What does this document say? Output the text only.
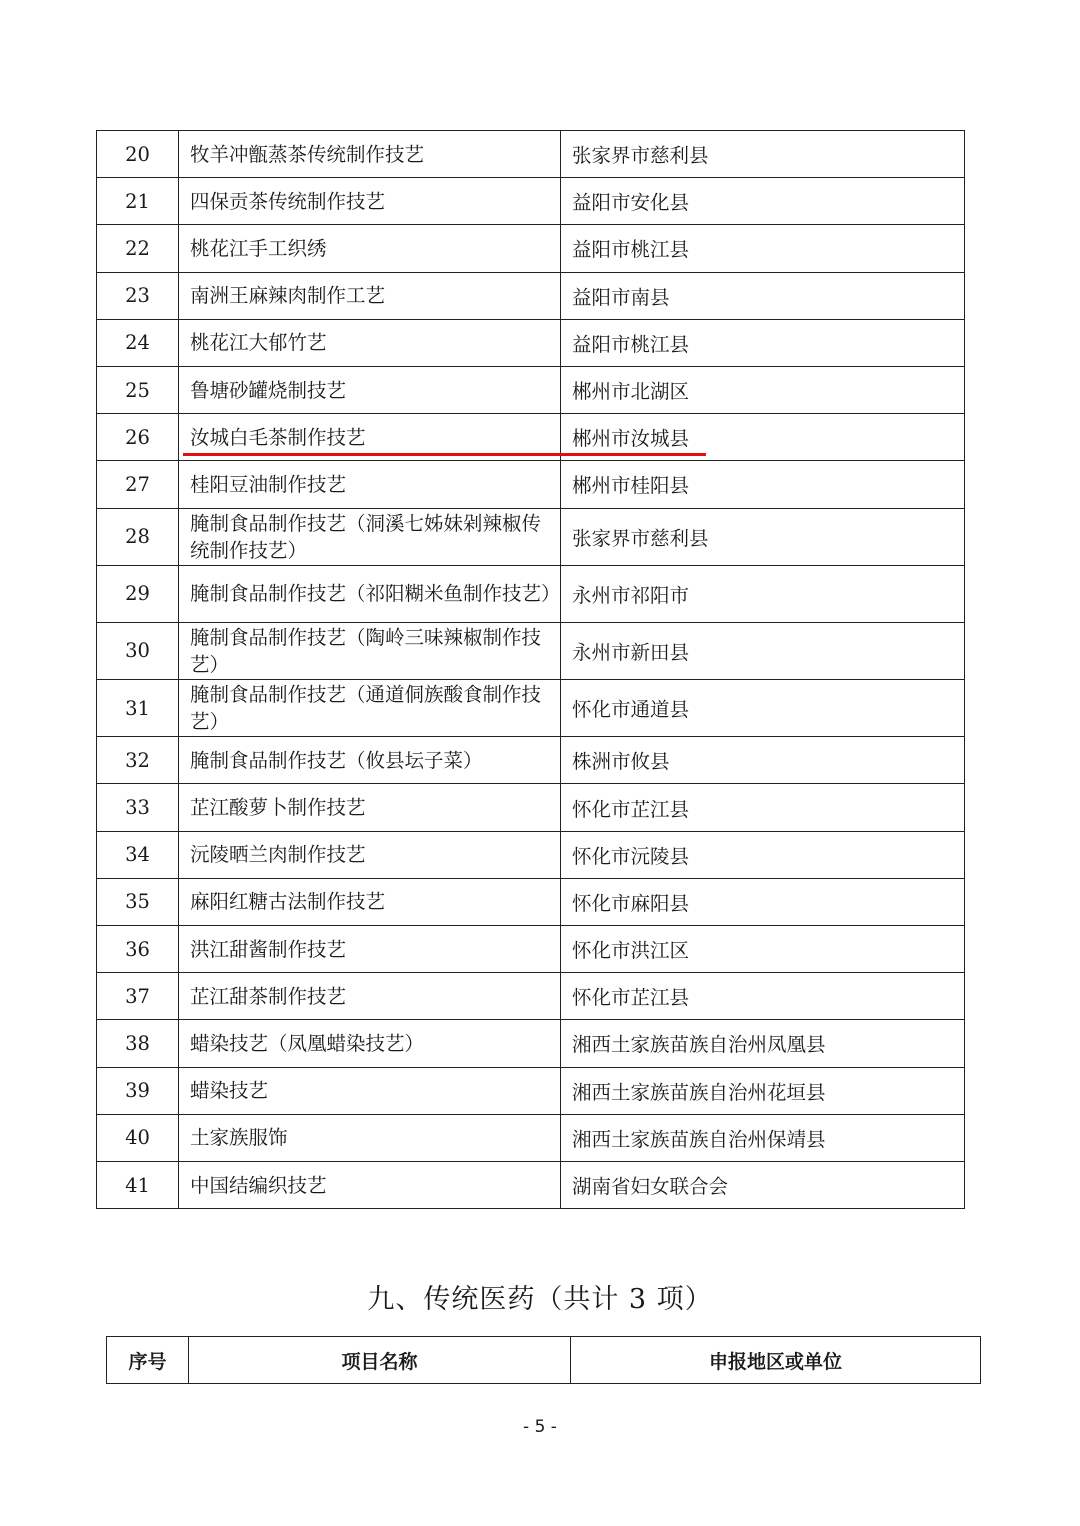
20	牧羊冲甑蒸茶传统制作技艺	张家界市慈利县
21	四保贡茶传统制作技艺	益阳市安化县
22	桃花江手工织绣	益阳市桃江县
23	南洲王麻辣肉制作工艺	益阳市南县
24	桃花江大郁竹艺	益阳市桃江县
25	鲁塘砂罐烧制技艺	郴州市北湖区
26	汝城白毛茶制作技艺	郴州市汝城县
27	桂阳豆油制作技艺	郴州市桂阳县
28	腌制食品制作技艺（洞溪七姊妹剁辣椒传统制作技艺）	张家界市慈利县
29	腌制食品制作技艺（祁阳糊米鱼制作技艺）	永州市祁阳市
30	腌制食品制作技艺（陶岭三味辣椒制作技艺）	永州市新田县
31	腌制食品制作技艺（通道侗族酸食制作技艺）	怀化市通道县
32	腌制食品制作技艺（攸县坛子菜）	株洲市攸县
33	芷江酸萝卜制作技艺	怀化市芷江县
34	沅陵晒兰肉制作技艺	怀化市沅陵县
35	麻阳红糖古法制作技艺	怀化市麻阳县
36	洪江甜酱制作技艺	怀化市洪江区
37	芷江甜茶制作技艺	怀化市芷江县
38	蜡染技艺（凤凰蜡染技艺）	湘西土家族苗族自治州凤凰县
39	蜡染技艺	湘西土家族苗族自治州花垣县
40	土家族服饰	湘西土家族苗族自治州保靖县
41	中国结编织技艺	湖南省妇女联合会
九、传统医药（共计 3 项）
序号	项目名称	申报地区或单位
- 5 -
